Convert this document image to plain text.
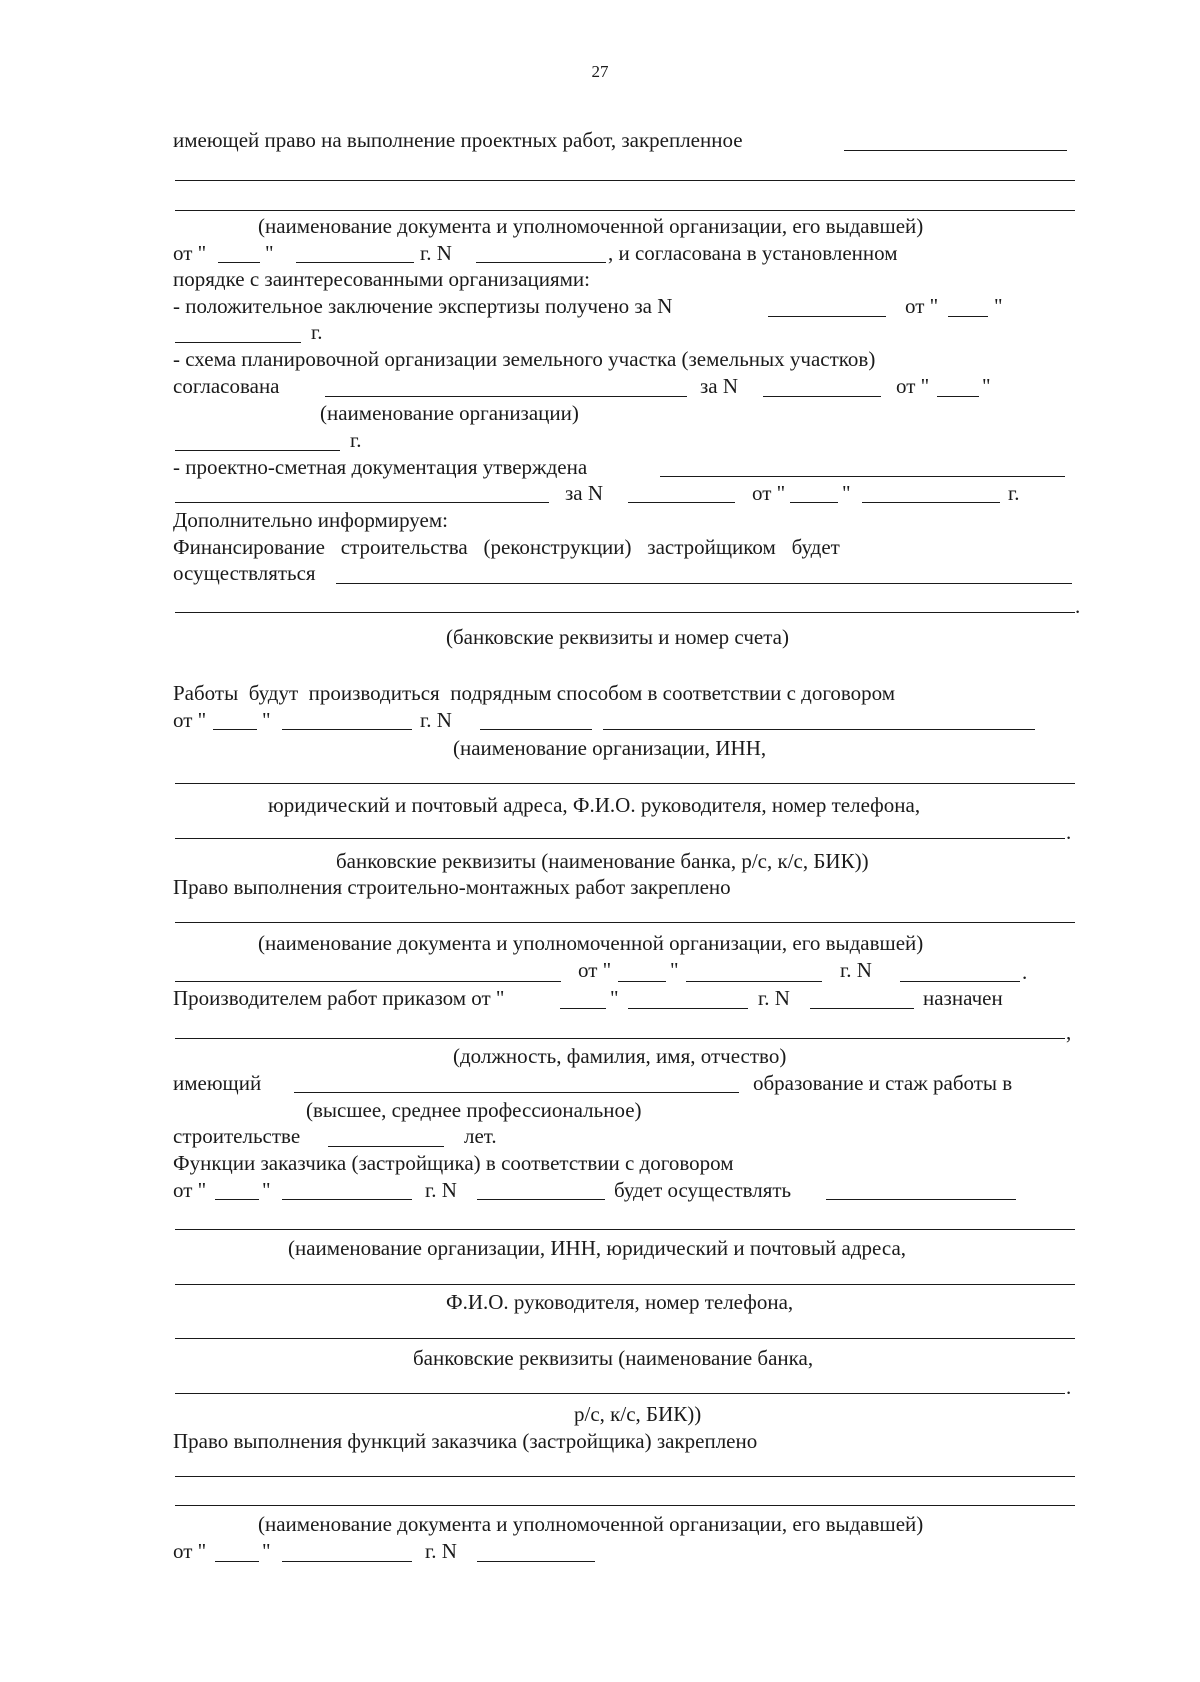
27
имеющей право на выполнение проектных работ, закрепленное
(наименование документа и уполномоченной организации, его выдавшей)
от "	"	г. N	, и согласована в установленном
порядке с заинтересованными организациями:
- положительное заключение экспертизы получено за N	от "	"
г.
- схема планировочной организации земельного участка (земельных участков)
согласована	за N	от "	"
(наименование организации)
г.
- проектно-сметная документация утверждена
за N	от "	"	г.
Дополнительно информируем:
Финансирование   строительства   (реконструкции)   застройщиком   будет
осуществляться
.
(банковские реквизиты и номер счета)
Работы  будут  производиться  подрядным способом в соответствии с договором
от "	"	г. N
(наименование организации, ИНН,
юридический и почтовый адреса, Ф.И.О. руководителя, номер телефона,
.
банковские реквизиты (наименование банка, р/с, к/с, БИК))
Право выполнения строительно-монтажных работ закреплено
(наименование документа и уполномоченной организации, его выдавшей)
от "	"	г. N	.
Производителем работ приказом от "	"	г. N	назначен
,
(должность, фамилия, имя, отчество)
имеющий	образование и стаж работы в
(высшее, среднее профессиональное)
строительстве	лет.
Функции заказчика (застройщика) в соответствии с договором
от "	"	г. N	будет осуществлять
(наименование организации, ИНН, юридический и почтовый адреса,
Ф.И.О. руководителя, номер телефона,
банковские реквизиты (наименование банка,
.
р/с, к/с, БИК))
Право выполнения функций заказчика (застройщика) закреплено
(наименование документа и уполномоченной организации, его выдавшей)
от "	"	г. N
